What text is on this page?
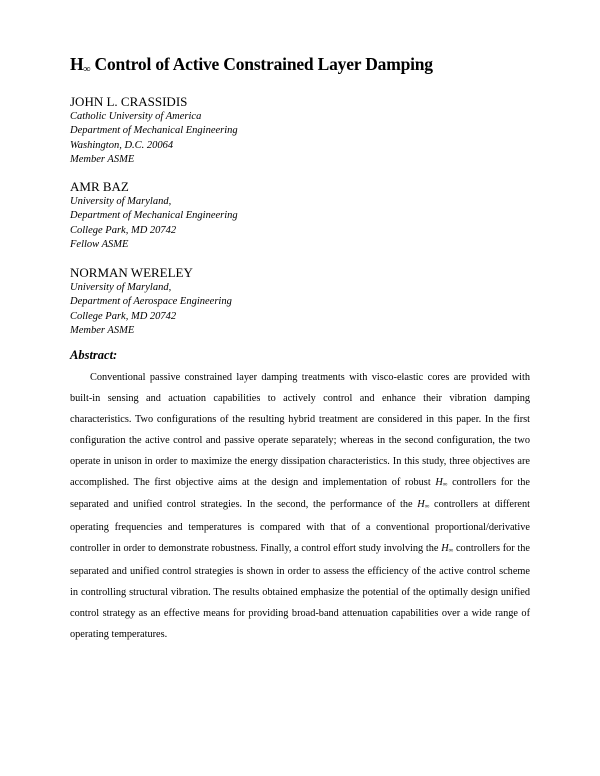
$H_\infty$ Control of Active Constrained Layer Damping
JOHN L. CRASSIDIS
Catholic University of America
Department of Mechanical Engineering
Washington, D.C. 20064
Member ASME
AMR BAZ
University of Maryland,
Department of Mechanical Engineering
College Park, MD 20742
Fellow ASME
NORMAN WERELEY
University of Maryland,
Department of Aerospace Engineering
College Park, MD 20742
Member ASME
Abstract:

Conventional passive constrained layer damping treatments with visco-elastic cores are provided with built-in sensing and actuation capabilities to actively control and enhance their vibration damping characteristics. Two configurations of the resulting hybrid treatment are considered in this paper. In the first configuration the active control and passive operate separately; whereas in the second configuration, the two operate in unison in order to maximize the energy dissipation characteristics. In this study, three objectives are accomplished. The first objective aims at the design and implementation of robust $H_\infty$ controllers for the separated and unified control strategies. In the second, the performance of the $H_\infty$ controllers at different operating frequencies and temperatures is compared with that of a conventional proportional/derivative controller in order to demonstrate robustness. Finally, a control effort study involving the $H_\infty$ controllers for the separated and unified control strategies is shown in order to assess the efficiency of the active control scheme in controlling structural vibration. The results obtained emphasize the potential of the optimally design unified control strategy as an effective means for providing broad-band attenuation capabilities over a wide range of operating temperatures.
